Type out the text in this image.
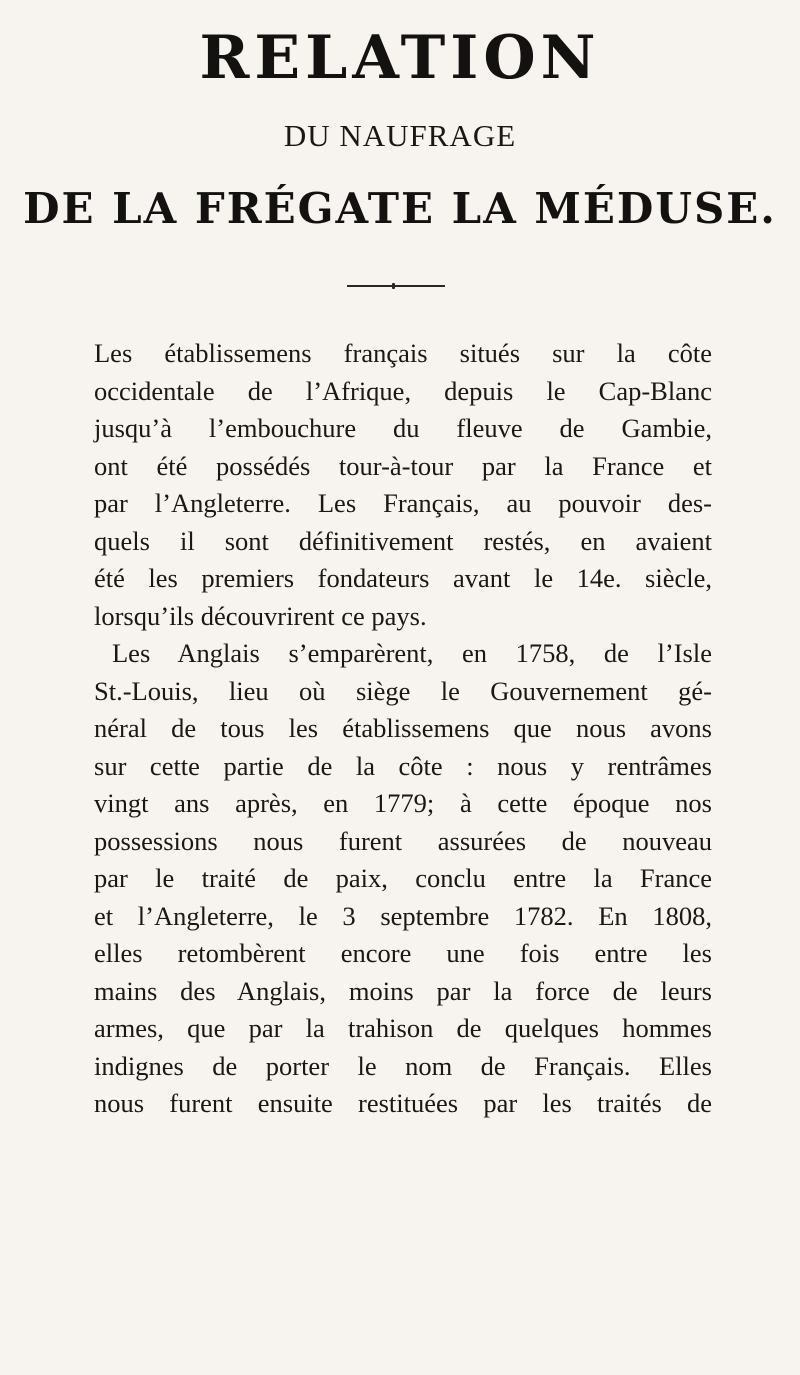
RELATION
DU NAUFRAGE
DE LA FRÉGATE LA MÉDUSE.
Les établissemens français situés sur la côte
occidentale de l’Afrique, depuis le Cap-Blanc
jusqu’à l’embouchure du fleuve de Gambie,
ont été possédés tour-à-tour par la France et
par l’Angleterre. Les Français, au pouvoir des-
quels il sont définitivement restés, en avaient
été les premiers fondateurs avant le 14e. siècle,
lorsqu’ils découvrirent ce pays.
Les Anglais s’emparèrent, en 1758, de l’Isle
St.-Louis, lieu où siège le Gouvernement gé-
néral de tous les établissemens que nous avons
sur cette partie de la côte : nous y rentrâmes
vingt ans après, en 1779; à cette époque nos
possessions nous furent assurées de nouveau
par le traité de paix, conclu entre la France
et l’Angleterre, le 3 septembre 1782. En 1808,
elles retombèrent encore une fois entre les
mains des Anglais, moins par la force de leurs
armes, que par la trahison de quelques hommes
indignes de porter le nom de Français. Elles
nous furent ensuite restituées par les traités de
